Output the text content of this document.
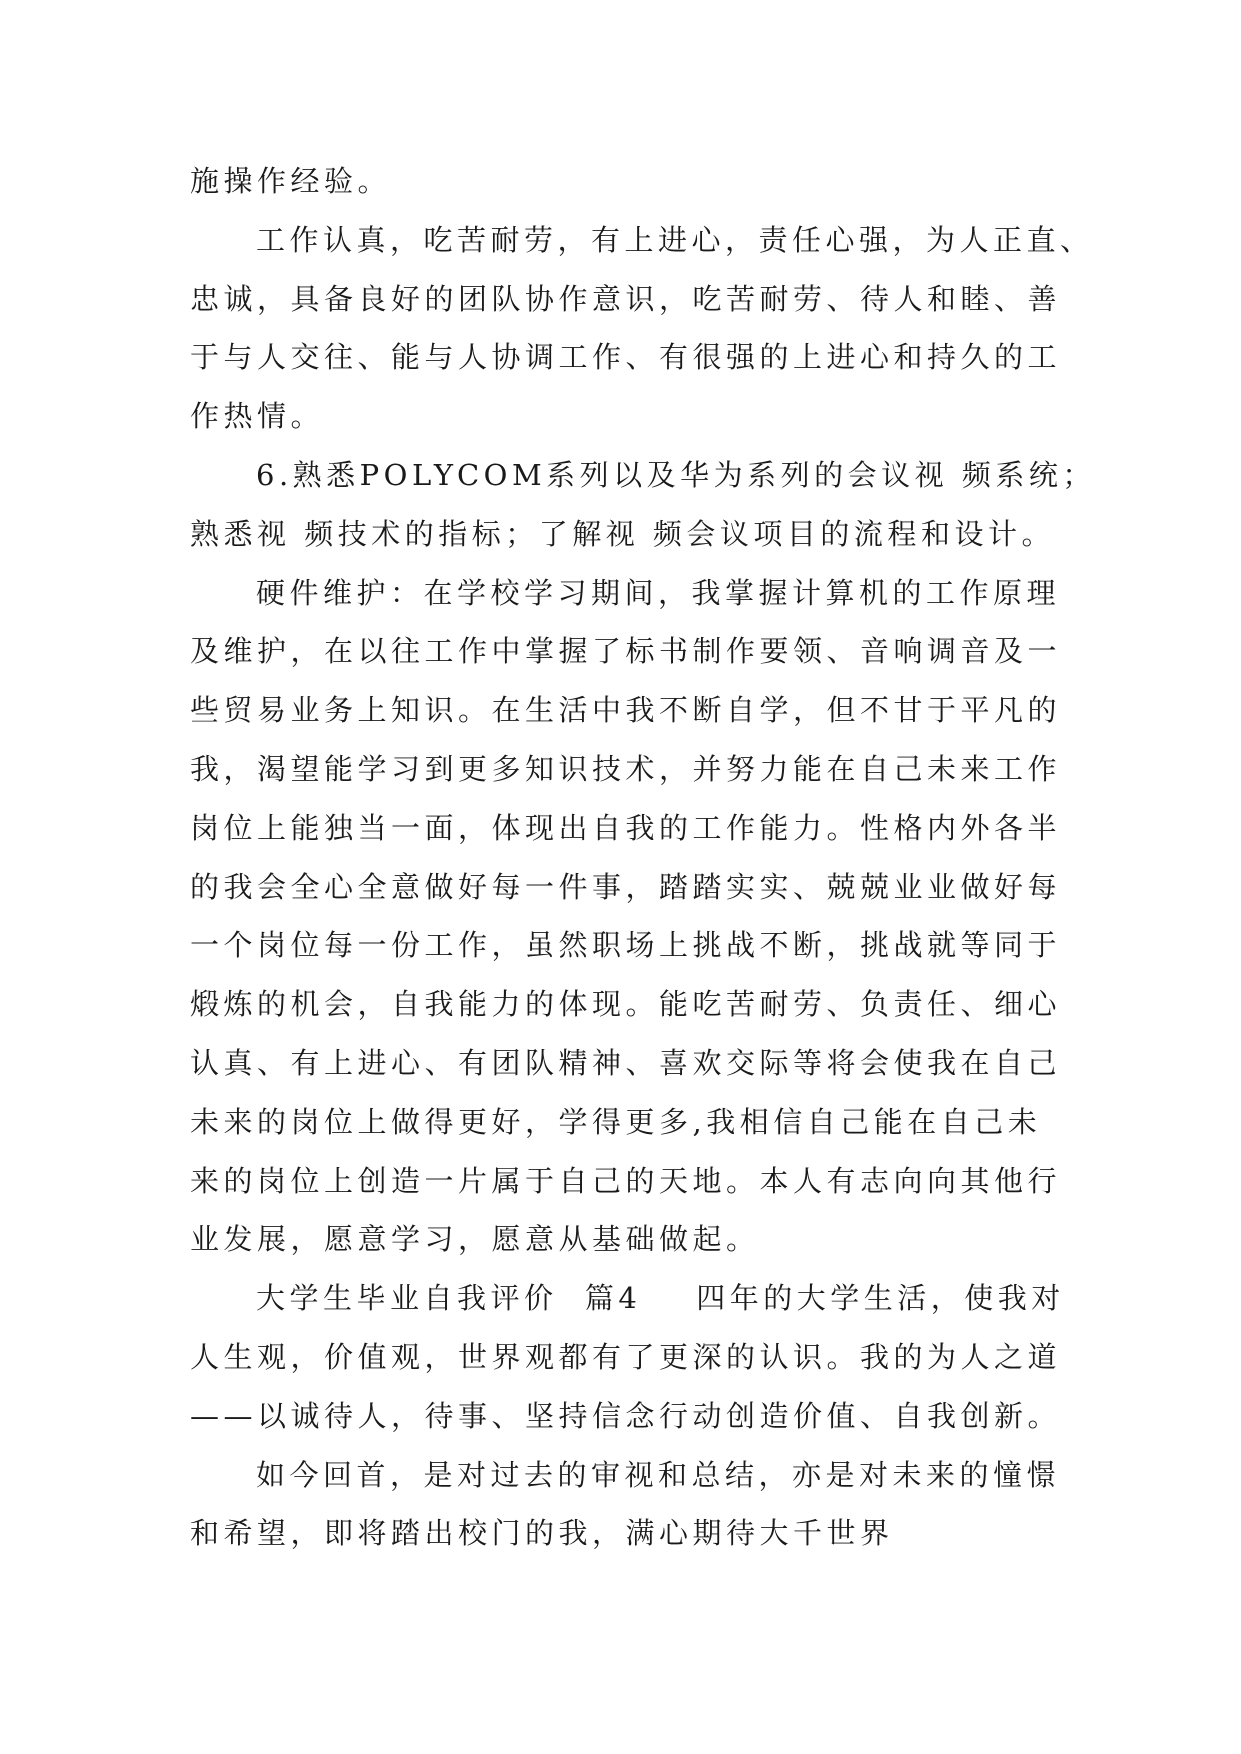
施操作经验。
工作认真，吃苦耐劳，有上进心，责任心强，为人正直、
忠诚，具备良好的团队协作意识，吃苦耐劳、待人和睦、善
于与人交往、能与人协调工作、有很强的上进心和持久的工
作热情。
6.熟悉POLYCOM系列以及华为系列的会议视 频系统；
熟悉视 频技术的指标；了解视 频会议项目的流程和设计。
硬件维护：在学校学习期间，我掌握计算机的工作原理
及维护，在以往工作中掌握了标书制作要领、音响调音及一
些贸易业务上知识。在生活中我不断自学，但不甘于平凡的
我，渴望能学习到更多知识技术，并努力能在自己未来工作
岗位上能独当一面，体现出自我的工作能力。性格内外各半
的我会全心全意做好每一件事，踏踏实实、兢兢业业做好每
一个岗位每一份工作，虽然职场上挑战不断，挑战就等同于
煅炼的机会，自我能力的体现。能吃苦耐劳、负责任、细心
认真、有上进心、有团队精神、喜欢交际等将会使我在自己
未来的岗位上做得更好，学得更多,我相信自己能在自己未
来的岗位上创造一片属于自己的天地。本人有志向向其他行
业发展，愿意学习，愿意从基础做起。
大学生毕业自我评价  篇4    四年的大学生活，使我对
人生观，价值观，世界观都有了更深的认识。我的为人之道
——以诚待人，待事、坚持信念行动创造价值、自我创新。
如今回首，是对过去的审视和总结，亦是对未来的憧憬
和希望，即将踏出校门的我，满心期待大千世界
